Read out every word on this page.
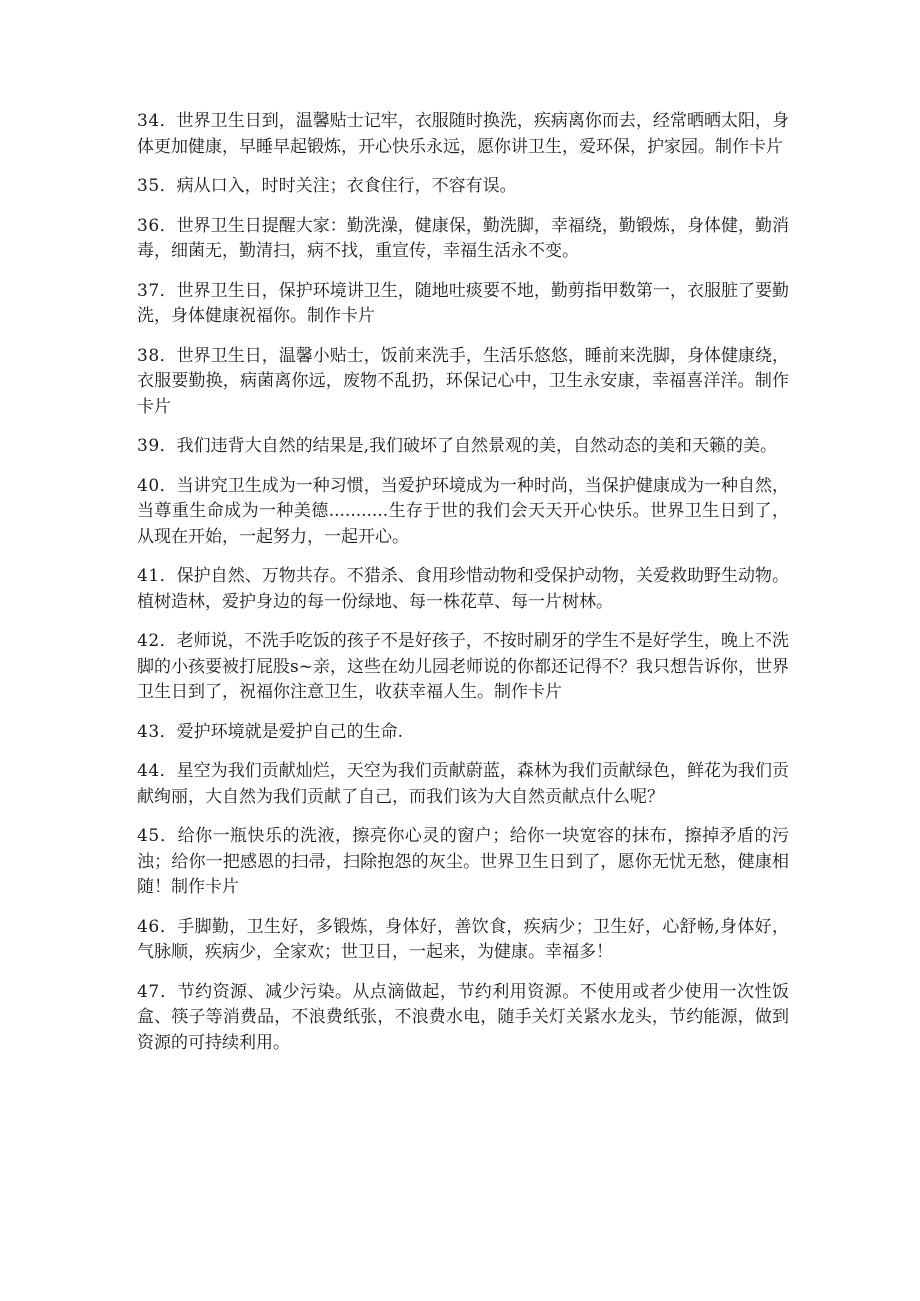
34．世界卫生日到，温馨贴士记牢，衣服随时换洗，疾病离你而去，经常晒晒太阳，身体更加健康，早睡早起锻炼，开心快乐永远，愿你讲卫生，爱环保，护家园。制作卡片

35．病从口入，时时关注；衣食住行，不容有误。

36．世界卫生日提醒大家：勤洗澡，健康保，勤洗脚，幸福绕，勤锻炼，身体健，勤消毒，细菌无，勤清扫，病不找，重宣传，幸福生活永不变。

37．世界卫生日，保护环境讲卫生，随地吐痰要不地，勤剪指甲数第一，衣服脏了要勤洗，身体健康祝福你。制作卡片

38．世界卫生日，温馨小贴士，饭前来洗手，生活乐悠悠，睡前来洗脚，身体健康绕，衣服要勤换，病菌离你远，废物不乱扔，环保记心中，卫生永安康，幸福喜洋洋。制作卡片

39．我们违背大自然的结果是,我们破坏了自然景观的美，自然动态的美和天籁的美。

40．当讲究卫生成为一种习惯，当爱护环境成为一种时尚，当保护健康成为一种自然，当尊重生命成为一种美德...........生存于世的我们会天天开心快乐。世界卫生日到了，从现在开始，一起努力，一起开心。

41．保护自然、万物共存。不猎杀、食用珍惜动物和受保护动物，关爱救助野生动物。植树造林，爱护身边的每一份绿地、每一株花草、每一片树林。

42．老师说，不洗手吃饭的孩子不是好孩子，不按时刷牙的学生不是好学生，晚上不洗脚的小孩要被打屁股s~亲，这些在幼儿园老师说的你都还记得不？我只想告诉你，世界卫生日到了，祝福你注意卫生，收获幸福人生。制作卡片

43．爱护环境就是爱护自己的生命.

44．星空为我们贡献灿烂，天空为我们贡献蔚蓝，森林为我们贡献绿色，鲜花为我们贡献绚丽，大自然为我们贡献了自己，而我们该为大自然贡献点什么呢？

45．给你一瓶快乐的洗液，擦亮你心灵的窗户；给你一块宽容的抹布，擦掉矛盾的污浊；给你一把感恩的扫帚，扫除抱怨的灰尘。世界卫生日到了，愿你无忧无愁，健康相随！制作卡片

46．手脚勤，卫生好，多锻炼，身体好，善饮食，疾病少；卫生好，心舒畅,身体好，气脉顺，疾病少，全家欢；世卫日，一起来，为健康。幸福多！

47．节约资源、减少污染。从点滴做起，节约利用资源。不使用或者少使用一次性饭盒、筷子等消费品，不浪费纸张，不浪费水电，随手关灯关紧水龙头，节约能源，做到资源的可持续利用。
